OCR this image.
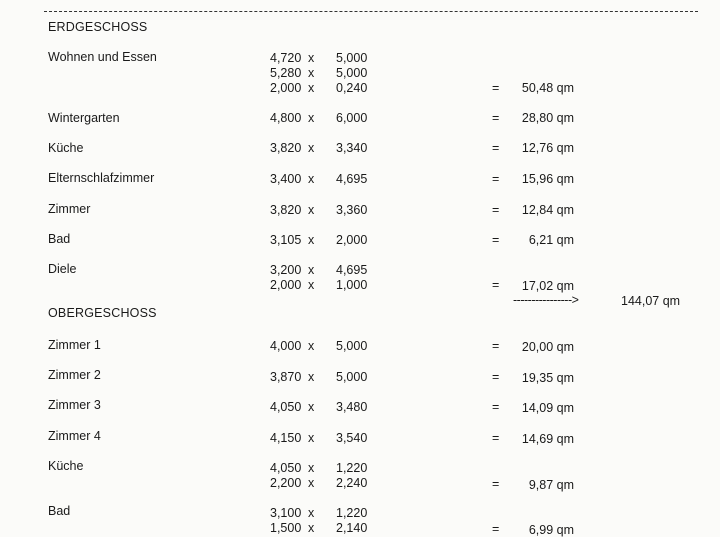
ERDGESCHOSS
Wohnen und Essen	4,720 x 5,000
5,280 x 5,000
2,000 x 0,240	=	50,48 qm
Wintergarten	4,800 x 6,000	=	28,80 qm
Küche	3,820 x 3,340	=	12,76 qm
Elternschlafzimmer	3,400 x 4,695	=	15,96 qm
Zimmer	3,820 x 3,360	=	12,84 qm
Bad	3,105 x 2,000	=	6,21 qm
Diele	3,200 x 4,695
2,000 x 1,000	=	17,02 qm
---------------->	144,07 qm
OBERGESCHOSS
Zimmer 1	4,000 x 5,000	=	20,00 qm
Zimmer 2	3,870 x 5,000	=	19,35 qm
Zimmer 3	4,050 x 3,480	=	14,09 qm
Zimmer 4	4,150 x 3,540	=	14,69 qm
Küche	4,050 x 1,220
2,200 x 2,240	=	9,87 qm
Bad	3,100 x 1,220
1,500 x 2,140	=	6,99 qm
